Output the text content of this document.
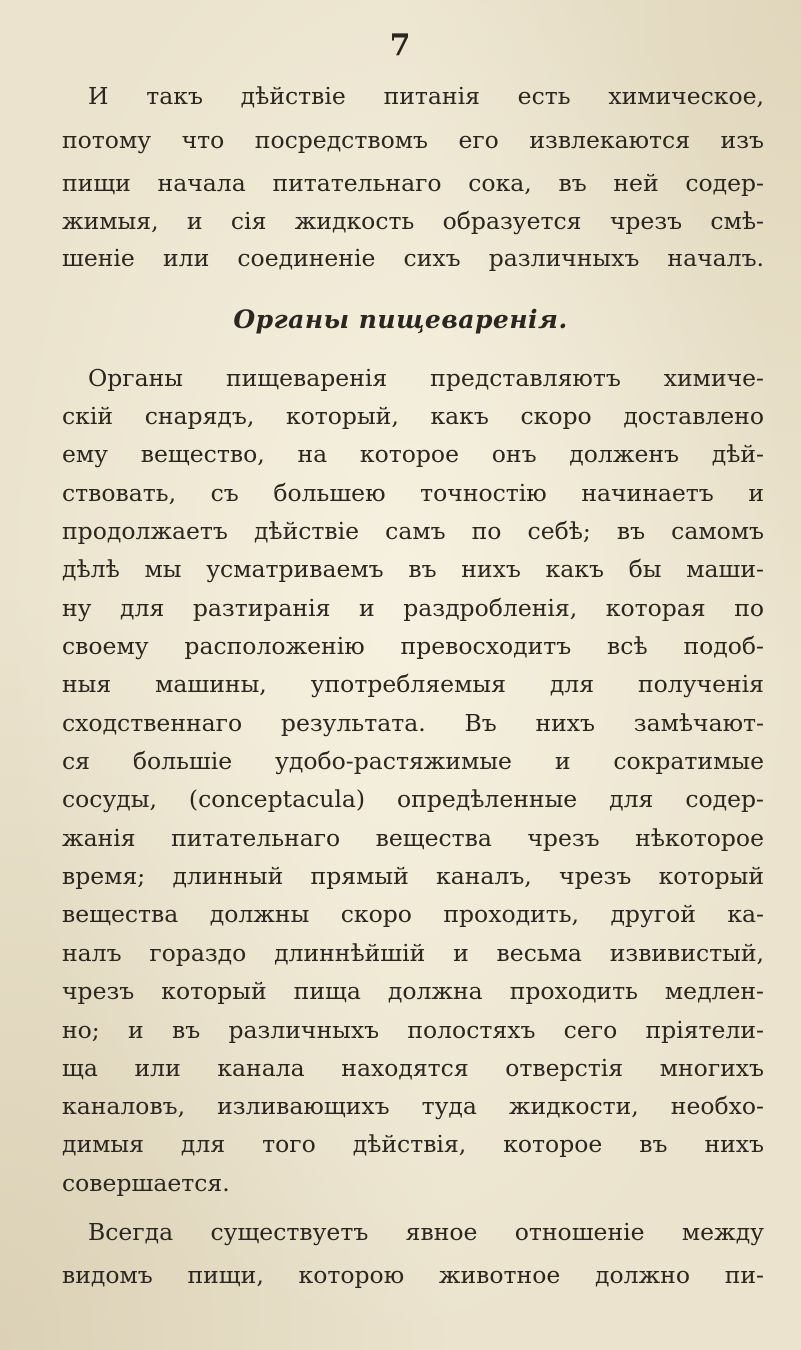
7
И такъ дѣйствіе питанія есть химическое,
потому что посредствомъ его извлекаются изъ
пищи начала питательнаго сока, въ ней содер-
жимыя, и сія жидкость образуется чрезъ смѣ-
шеніе или соединеніе сихъ различныхъ началъ.
Органы пищеваренія.
Органы пищеваренія представляютъ химиче-
скій снарядъ, который, какъ скоро доставлено
ему вещество, на которое онъ долженъ дѣй-
ствовать, съ большею точностію начинаетъ и
продолжаетъ дѣйствіе самъ по себѣ; въ самомъ
дѣлѣ мы усматриваемъ въ нихъ какъ бы маши-
ну для разтиранія и раздробленія, которая по
своему расположенію превосходитъ всѣ подоб-
ныя машины, употребляемыя для полученія
сходственнаго результата. Въ нихъ замѣчают-
ся большіе удобо-растяжимые и сократимые
сосуды, (conceptacula) опредѣленные для содер-
жанія питательнаго вещества чрезъ нѣкоторое
время; длинный прямый каналъ, чрезъ который
вещества должны скоро проходить, другой ка-
налъ гораздо длиннѣйшій и весьма извивистый,
чрезъ который пища должна проходить медлен-
но; и въ различныхъ полостяхъ сего пріятели-
ща или канала находятся отверстія многихъ
каналовъ, изливающихъ туда жидкости, необхо-
димыя для того дѣйствія, которое въ нихъ
совершается.
Всегда существуетъ явное отношеніе между
видомъ пищи, которою животное должно пи-
